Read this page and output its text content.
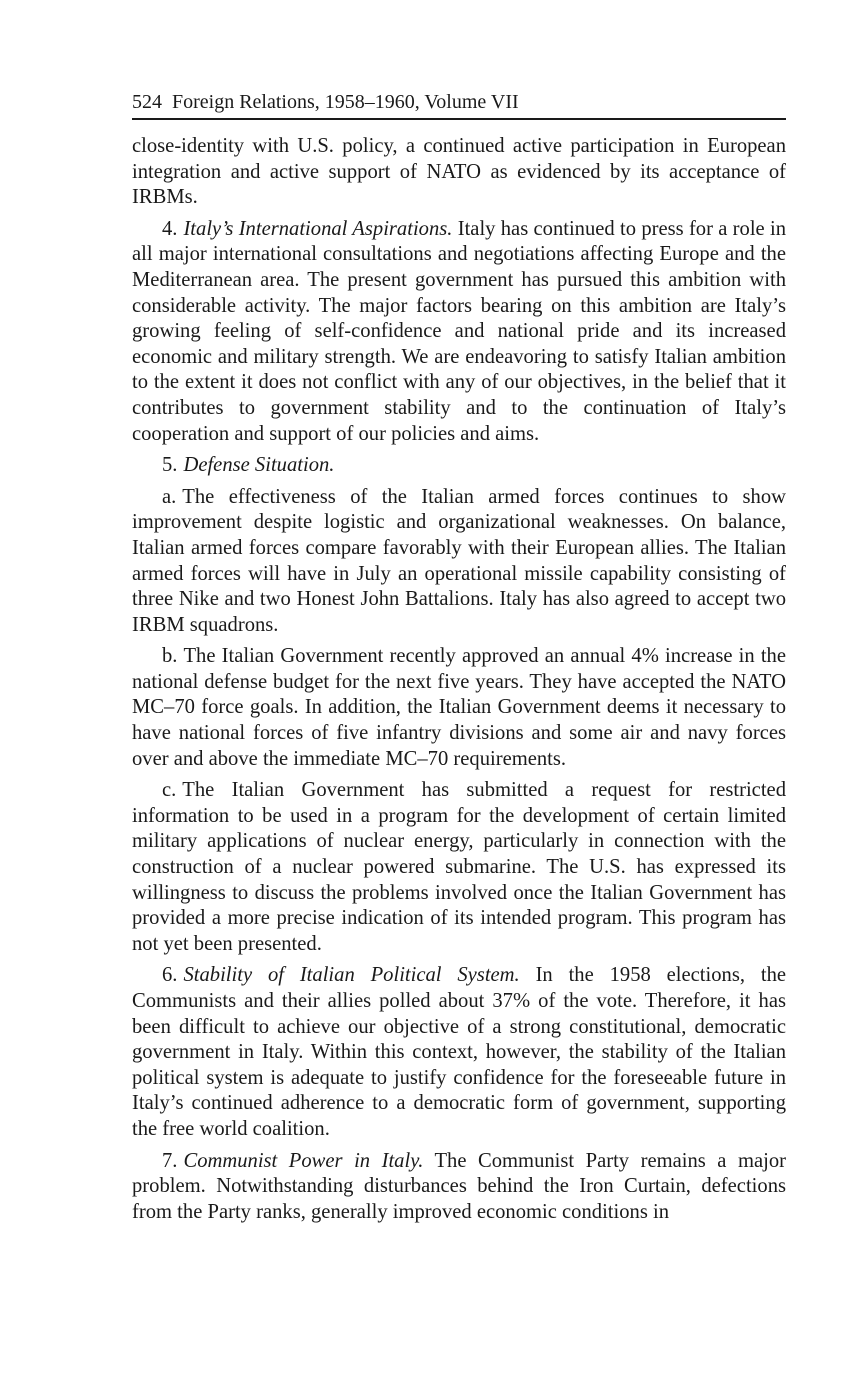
524 Foreign Relations, 1958–1960, Volume VII

close-identity with U.S. policy, a continued active participation in European integration and active support of NATO as evidenced by its acceptance of IRBMs.

4. Italy’s International Aspirations. Italy has continued to press for a role in all major international consultations and negotiations affecting Europe and the Mediterranean area. The present government has pursued this ambition with considerable activity. The major factors bearing on this ambition are Italy’s growing feeling of self-confidence and national pride and its increased economic and military strength. We are endeavoring to satisfy Italian ambition to the extent it does not conflict with any of our objectives, in the belief that it contributes to government stability and to the continuation of Italy’s cooperation and support of our policies and aims.

5. Defense Situation.

a. The effectiveness of the Italian armed forces continues to show improvement despite logistic and organizational weaknesses. On balance, Italian armed forces compare favorably with their European allies. The Italian armed forces will have in July an operational missile capability consisting of three Nike and two Honest John Battalions. Italy has also agreed to accept two IRBM squadrons.

b. The Italian Government recently approved an annual 4% increase in the national defense budget for the next five years. They have accepted the NATO MC–70 force goals. In addition, the Italian Government deems it necessary to have national forces of five infantry divisions and some air and navy forces over and above the immediate MC–70 requirements.

c. The Italian Government has submitted a request for restricted information to be used in a program for the development of certain limited military applications of nuclear energy, particularly in connection with the construction of a nuclear powered submarine. The U.S. has expressed its willingness to discuss the problems involved once the Italian Government has provided a more precise indication of its intended program. This program has not yet been presented.

6. Stability of Italian Political System. In the 1958 elections, the Communists and their allies polled about 37% of the vote. Therefore, it has been difficult to achieve our objective of a strong constitutional, democratic government in Italy. Within this context, however, the stability of the Italian political system is adequate to justify confidence for the foreseeable future in Italy’s continued adherence to a democratic form of government, supporting the free world coalition.

7. Communist Power in Italy. The Communist Party remains a major problem. Notwithstanding disturbances behind the Iron Curtain, defections from the Party ranks, generally improved economic conditions in
